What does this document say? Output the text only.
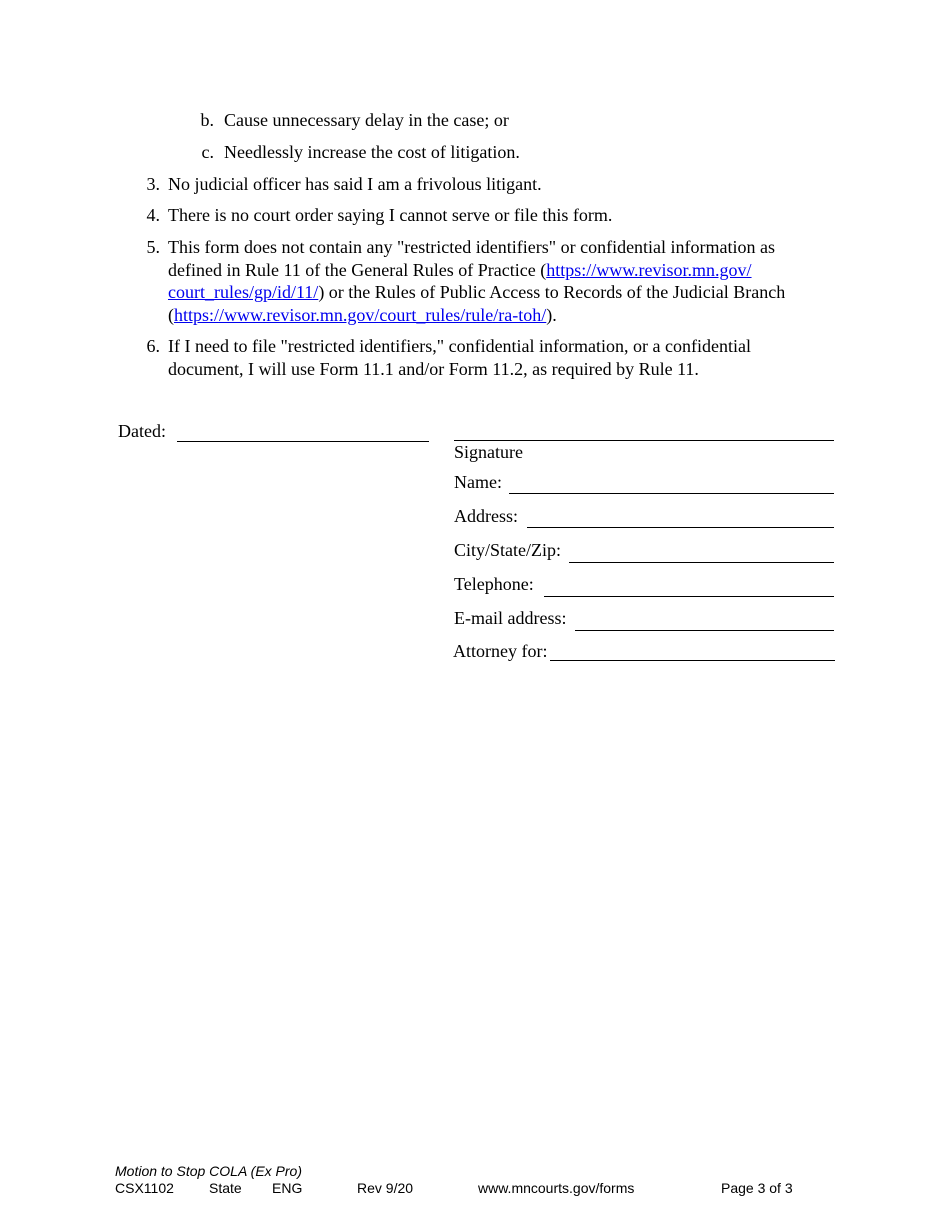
b. Cause unnecessary delay in the case; or
c. Needlessly increase the cost of litigation.
3. No judicial officer has said I am a frivolous litigant.
4. There is no court order saying I cannot serve or file this form.
5. This form does not contain any "restricted identifiers" or confidential information as
defined in Rule 11 of the General Rules of Practice (https://www.revisor.mn.gov/
court_rules/gp/id/11/) or the Rules of Public Access to Records of the Judicial Branch
(https://www.revisor.mn.gov/court_rules/rule/ra-toh/).
6. If I need to file "restricted identifiers," confidential information, or a confidential
document, I will use Form 11.1 and/or Form 11.2, as required by Rule 11.
Dated:
Signature
Name:
Address:
City/State/Zip:
Telephone:
E-mail address:
Attorney for:
Motion to Stop COLA (Ex Pro)
CSX1102	State ENG	Rev 9/20	www.mncourts.gov/forms	Page 3 of 3
